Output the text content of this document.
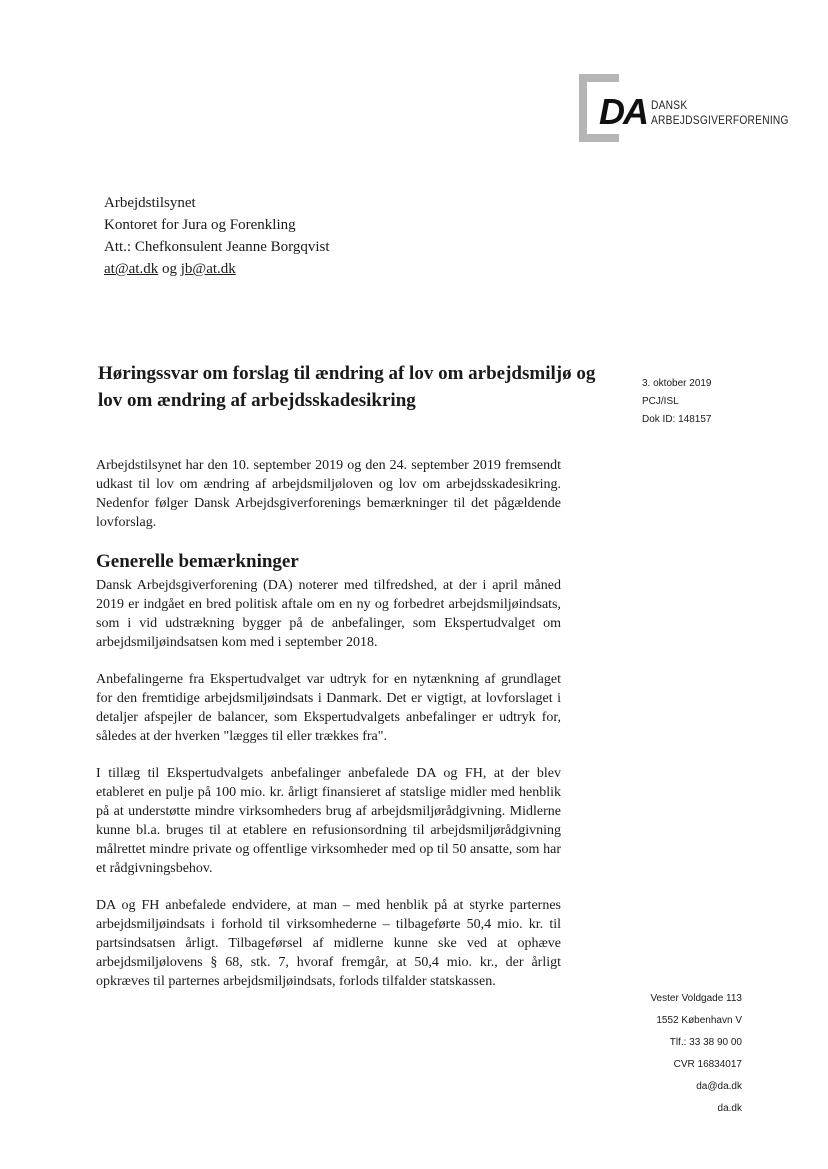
DA DANSK
ARBEJDSGIVERFORENING
Arbejdstilsynet
Kontoret for Jura og Forenkling
Att.: Chefkonsulent Jeanne Borgqvist
at@at.dk og jb@at.dk
Høringssvar om forslag til ændring af lov om arbejdsmiljø og lov om ændring af arbejdsskadesikring
3. oktober 2019
PCJ/ISL
Dok ID: 148157

Arbejdstilsynet har den 10. september 2019 og den 24. september 2019 fremsendt udkast til lov om ændring af arbejdsmiljøloven og lov om arbejdsskadesikring. Nedenfor følger Dansk Arbejdsgiverforenings bemærkninger til det pågældende lovforslag.

Generelle bemærkninger

Dansk Arbejdsgiverforening (DA) noterer med tilfredshed, at der i april måned 2019 er indgået en bred politisk aftale om en ny og forbedret arbejdsmiljøindsats, som i vid udstrækning bygger på de anbefalinger, som Ekspertudvalget om arbejdsmiljøindsatsen kom med i september 2018.

Anbefalingerne fra Ekspertudvalget var udtryk for en nytænkning af grundlaget for den fremtidige arbejdsmiljøindsats i Danmark. Det er vigtigt, at lovforslaget i detaljer afspejler de balancer, som Ekspertudvalgets anbefalinger er udtryk for, således at der hverken "lægges til eller trækkes fra".

I tillæg til Ekspertudvalgets anbefalinger anbefalede DA og FH, at der blev etableret en pulje på 100 mio. kr. årligt finansieret af statslige midler med henblik på at understøtte mindre virksomheders brug af arbejdsmiljørådgivning. Midlerne kunne bl.a. bruges til at etablere en refusionsordning til arbejdsmiljørådgivning målrettet mindre private og offentlige virksomheder med op til 50 ansatte, som har et rådgivningsbehov.

DA og FH anbefalede endvidere, at man – med henblik på at styrke parternes arbejdsmiljøindsats i forhold til virksomhederne – tilbageførte 50,4 mio. kr. til partsindsatsen årligt. Tilbageførsel af midlerne kunne ske ved at ophæve arbejdsmiljølovens § 68, stk. 7, hvoraf fremgår, at 50,4 mio. kr., der årligt opkræves til parternes arbejdsmiljøindsats, forlods tilfalder statskassen.

Vester Voldgade 113
1552 København V
Tlf.: 33 38 90 00
CVR 16834017
da@da.dk
da.dk
